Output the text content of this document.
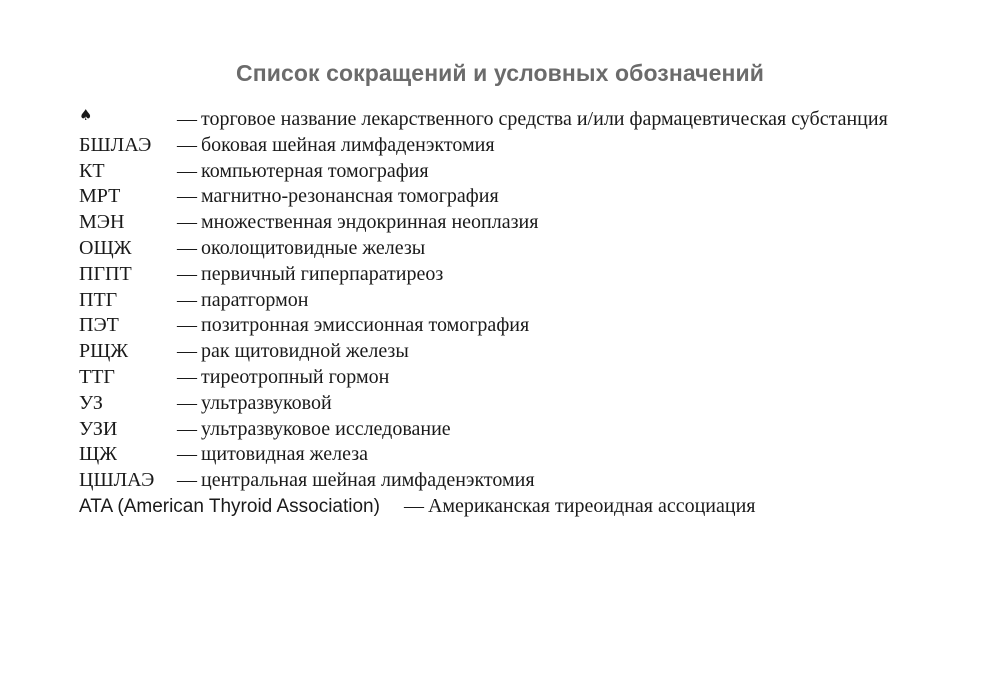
Список сокращений и условных обозначений
♠	— торговое название лекарственного средства и/или фармацевтическая субстанция
БШЛАЭ	— боковая шейная лимфаденэктомия
КТ	— компьютерная томография
МРТ	— магнитно-резонансная томография
МЭН	— множественная эндокринная неоплазия
ОЩЖ	— околощитовидные железы
ПГПТ	— первичный гиперпаратиреоз
ПТГ	— паратгормон
ПЭТ	— позитронная эмиссионная томография
РЩЖ	— рак щитовидной железы
ТТГ	— тиреотропный гормон
УЗ	— ультразвуковой
УЗИ	— ультразвуковое исследование
ЩЖ	— щитовидная железа
ЦШЛАЭ	— центральная шейная лимфаденэктомия
ATA (American Thyroid Association)	— Американская тиреоидная ассоциация
